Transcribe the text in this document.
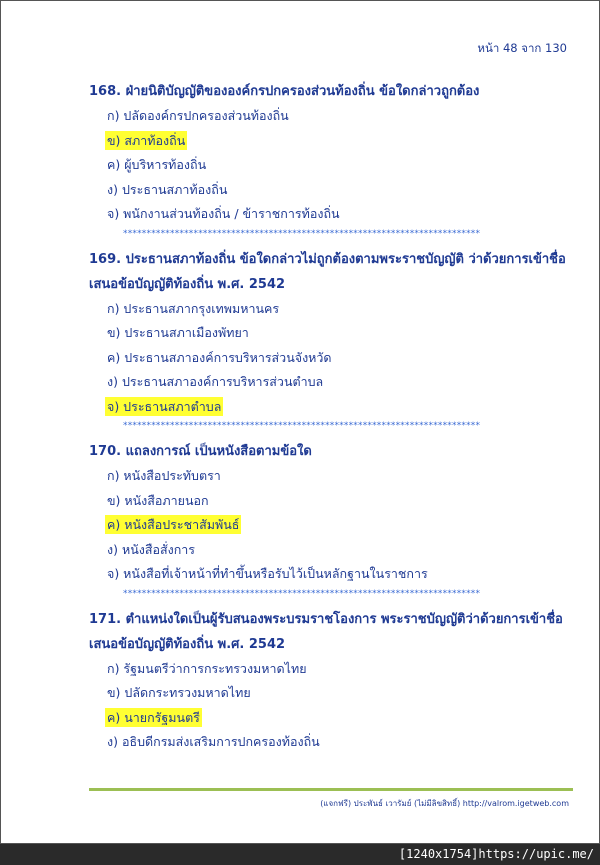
หน้า 48 จาก 130

168. ฝ่ายนิติบัญญัติขององค์กรปกครองส่วนท้องถิ่น ข้อใดกล่าวถูกต้อง

ก) ปลัดองค์กรปกครองส่วนท้องถิ่น
ข) สภาท้องถิ่น
ค) ผู้บริหารท้องถิ่น
ง) ประธานสภาท้องถิ่น
จ) พนักงานส่วนท้องถิ่น / ข้าราชการท้องถิ่น
****************************************************************************

169. ประธานสภาท้องถิ่น ข้อใดกล่าวไม่ถูกต้องตามพระราชบัญญัติ ว่าด้วยการเข้าชื่อเสนอข้อบัญญัติท้องถิ่น พ.ศ. 2542

ก) ประธานสภากรุงเทพมหานคร
ข) ประธานสภาเมืองพัทยา
ค) ประธานสภาองค์การบริหารส่วนจังหวัด
ง) ประธานสภาองค์การบริหารส่วนตำบล
จ) ประธานสภาตำบล
****************************************************************************

170. แถลงการณ์ เป็นหนังสือตามข้อใด

ก) หนังสือประทับตรา
ข) หนังสือภายนอก
ค) หนังสือประชาสัมพันธ์
ง) หนังสือสั่งการ
จ) หนังสือที่เจ้าหน้าที่ทำขึ้นหรือรับไว้เป็นหลักฐานในราชการ
****************************************************************************

171. ตำแหน่งใดเป็นผู้รับสนองพระบรมราชโองการ พระราชบัญญัติว่าด้วยการเข้าชื่อเสนอข้อบัญญัติท้องถิ่น พ.ศ. 2542

ก) รัฐมนตรีว่าการกระทรวงมหาดไทย
ข) ปลัดกระทรวงมหาดไทย
ค) นายกรัฐมนตรี
ง) อธิบดีกรมส่งเสริมการปกครองท้องถิ่น
(แจกฟรี) ประพันธ์ เวารัมย์ (ไม่มีลิขสิทธิ์) http://valrom.igetweb.com
[1240x1754]https://upic.me/
